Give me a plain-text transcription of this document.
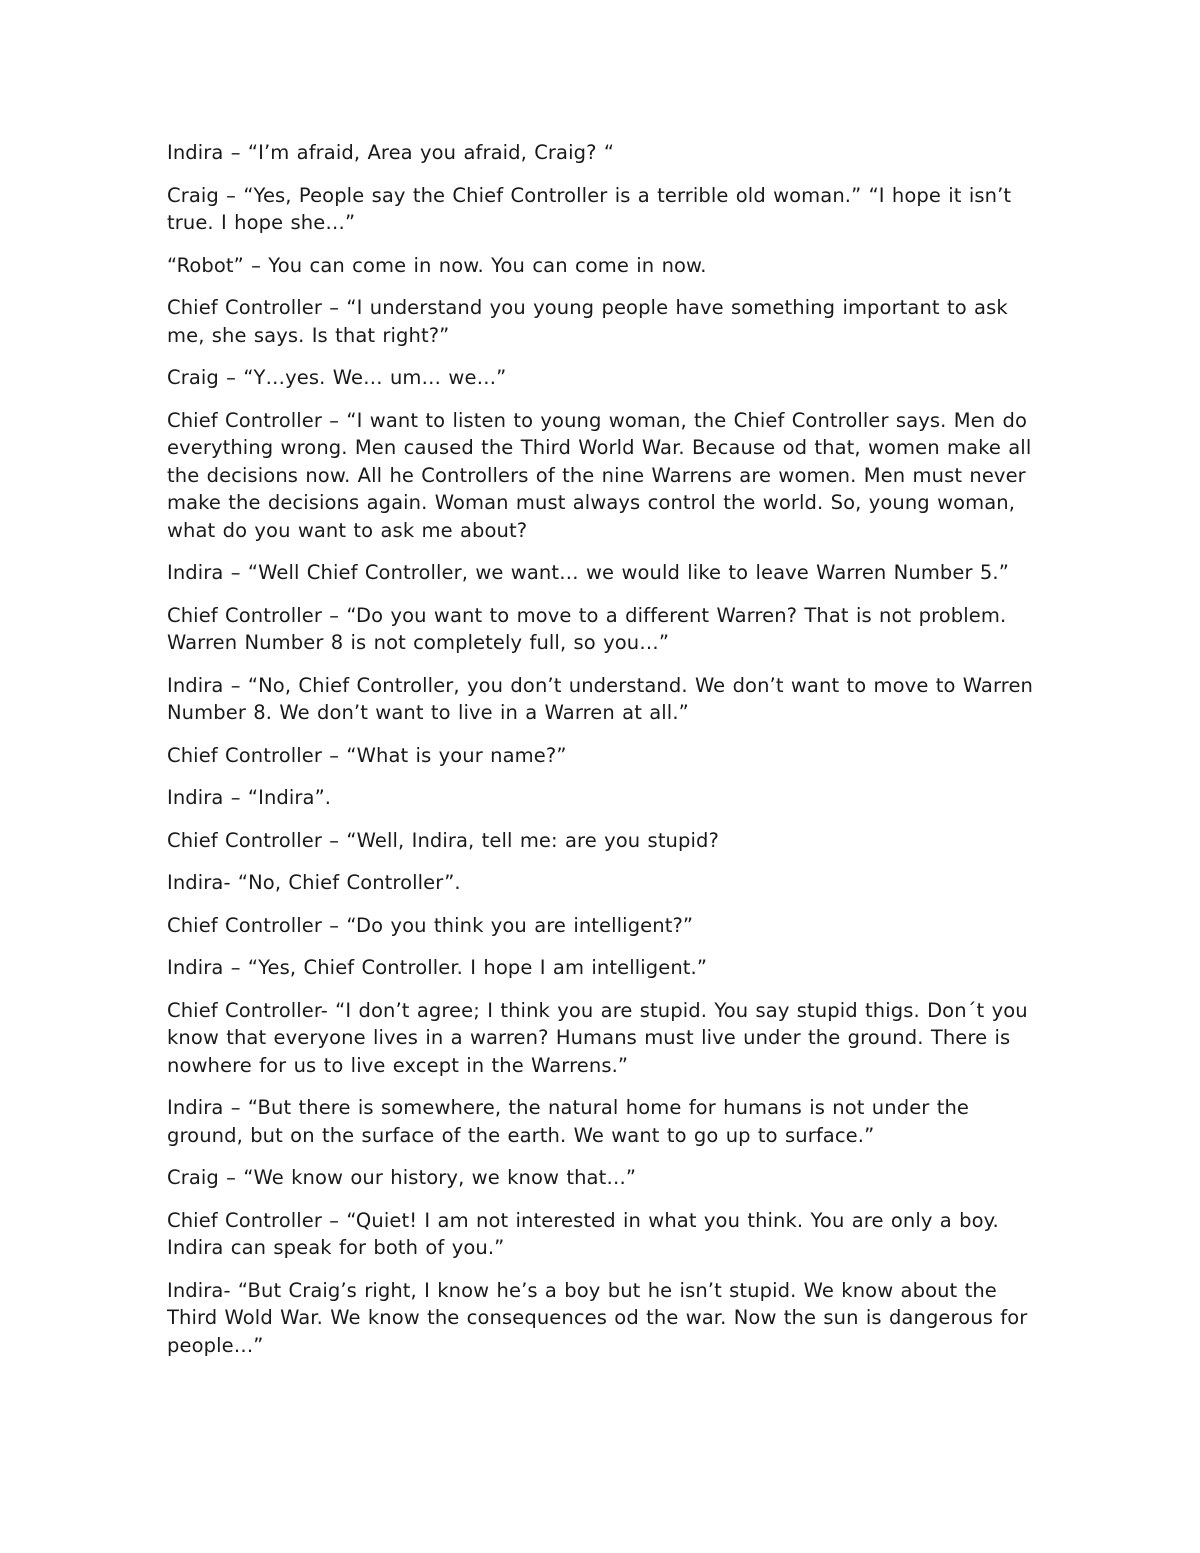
Indira – “I’m afraid, Area you afraid, Craig? “

Craig – “Yes, People say the Chief Controller is a terrible old woman.” “I hope it isn’t true. I hope she…”

“Robot” – You can come in now. You can come in now.

Chief Controller – “I understand you young people have something important to ask me, she says. Is that right?”

Craig – “Y…yes. We… um… we…”

Chief Controller – “I want to listen to young woman, the Chief Controller says. Men do everything wrong. Men caused the Third World War. Because od that, women make all the decisions now. All he Controllers of the nine Warrens are women. Men must never make the decisions again. Woman must always control the world. So, young woman, what do you want to ask me about?

Indira – “Well Chief Controller, we want… we would like to leave Warren Number 5.”

Chief Controller – “Do you want to move to a different Warren? That is not problem. Warren Number 8 is not completely full, so you…”

Indira – “No, Chief Controller, you don’t understand. We don’t want to move to Warren Number 8. We don’t want to live in a Warren at all.”

Chief Controller – “What is your name?”

Indira – “Indira”.

Chief Controller – “Well, Indira, tell me: are you stupid?

Indira- “No, Chief Controller”.

Chief Controller – “Do you think you are intelligent?”

Indira – “Yes, Chief Controller. I hope I am intelligent.”

Chief Controller- “I don’t agree; I think you are stupid. You say stupid thigs. Don´t you know that everyone lives in a warren? Humans must live under the ground. There is nowhere for us to live except in the Warrens.”

Indira – “But there is somewhere, the natural home for humans is not under the ground, but on the surface of the earth. We want to go up to surface.”

Craig – “We know our history, we know that…”

Chief Controller – “Quiet! I am not interested in what you think. You are only a boy. Indira can speak for both of you.”

Indira- “But Craig’s right, I know he’s a boy but he isn’t stupid. We know about the Third Wold War. We know the consequences od the war. Now the sun is dangerous for people…”
